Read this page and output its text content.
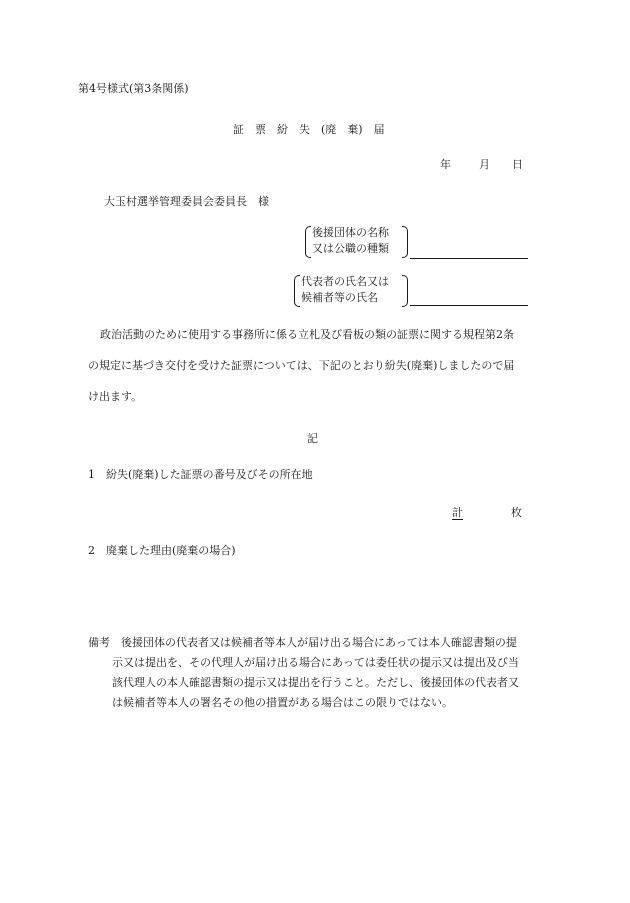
第4号様式(第3条関係)
証　票　紛　失　(廃　棄)　届
年	月 日
大玉村選挙管理委員会委員長　様
後援団体の名称
又は公職の種類
代表者の氏名又は
候補者等の氏名
政治活動のために使用する事務所に係る立札及び看板の類の証票に関する規程第2条
の規定に基づき交付を受けた証票については、下記のとおり紛失(廃棄)しましたので届
け出ます。
記
1　紛失(廃棄)した証票の番号及びその所在地
計	枚
2　廃棄した理由(廃棄の場合)
備考　後援団体の代表者又は候補者等本人が届け出る場合にあっては本人確認書類の提
示又は提出を、その代理人が届け出る場合にあっては委任状の提示又は提出及び当
該代理人の本人確認書類の提示又は提出を行うこと。ただし、後援団体の代表者又
は候補者等本人の署名その他の措置がある場合はこの限りではない。
